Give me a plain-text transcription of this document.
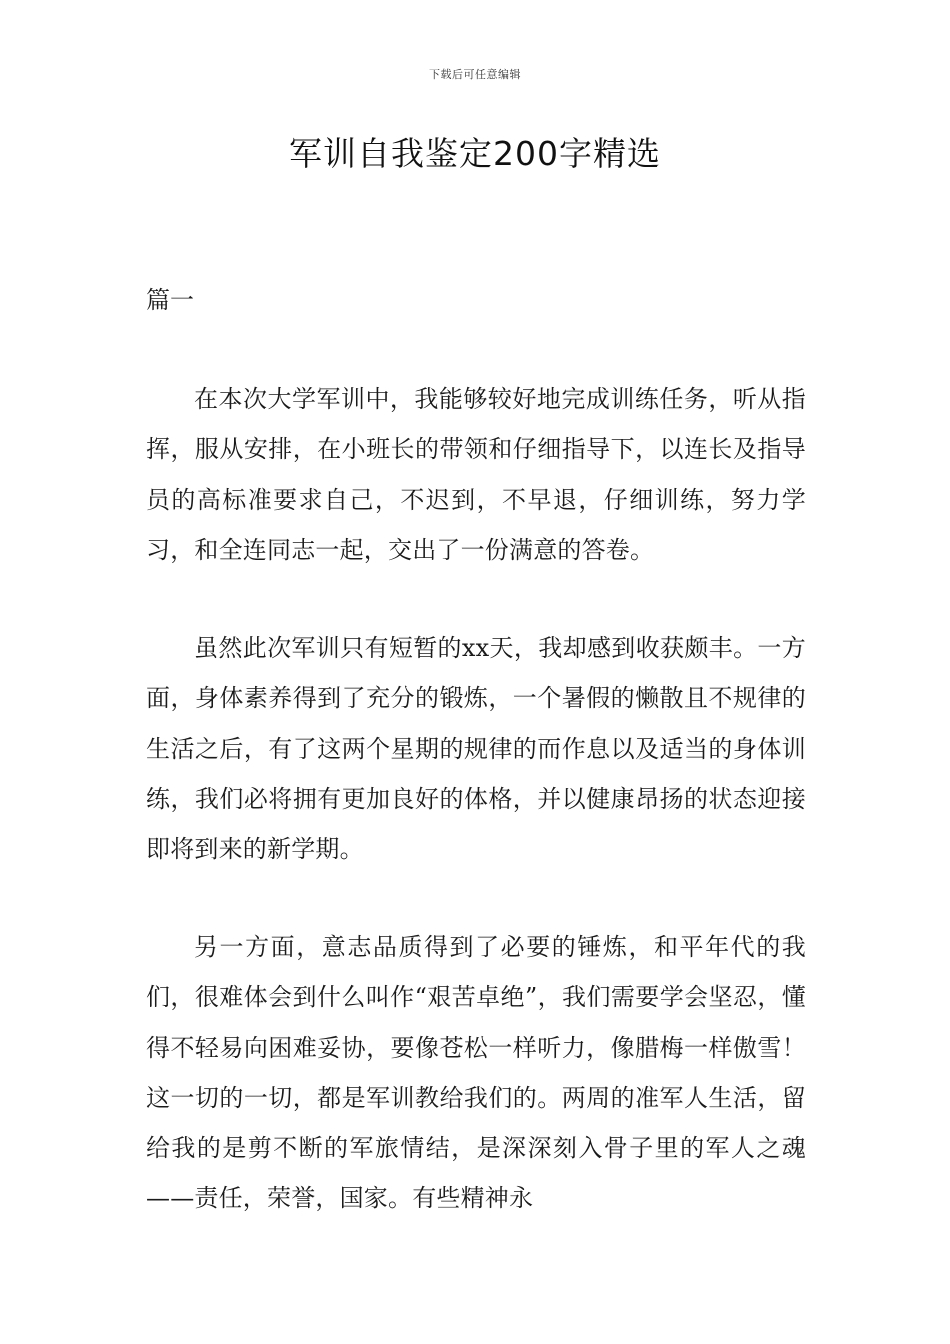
下载后可任意编辑
军训自我鉴定200字精选
篇一

在本次大学军训中，我能够较好地完成训练任务，听从指挥，服从安排，在小班长的带领和仔细指导下，以连长及指导员的高标准要求自己，不迟到，不早退，仔细训练，努力学习，和全连同志一起，交出了一份满意的答卷。

虽然此次军训只有短暂的xx天，我却感到收获颇丰。一方面，身体素养得到了充分的锻炼，一个暑假的懒散且不规律的生活之后，有了这两个星期的规律的而作息以及适当的身体训练，我们必将拥有更加良好的体格，并以健康昂扬的状态迎接即将到来的新学期。

另一方面，意志品质得到了必要的锤炼，和平年代的我们，很难体会到什么叫作“艰苦卓绝”，我们需要学会坚忍，懂得不轻易向困难妥协，要像苍松一样听力，像腊梅一样傲雪！这一切的一切，都是军训教给我们的。两周的准军人生活，留给我的是剪不断的军旅情结，是深深刻入骨子里的军人之魂——责任，荣誉，国家。有些精神永
